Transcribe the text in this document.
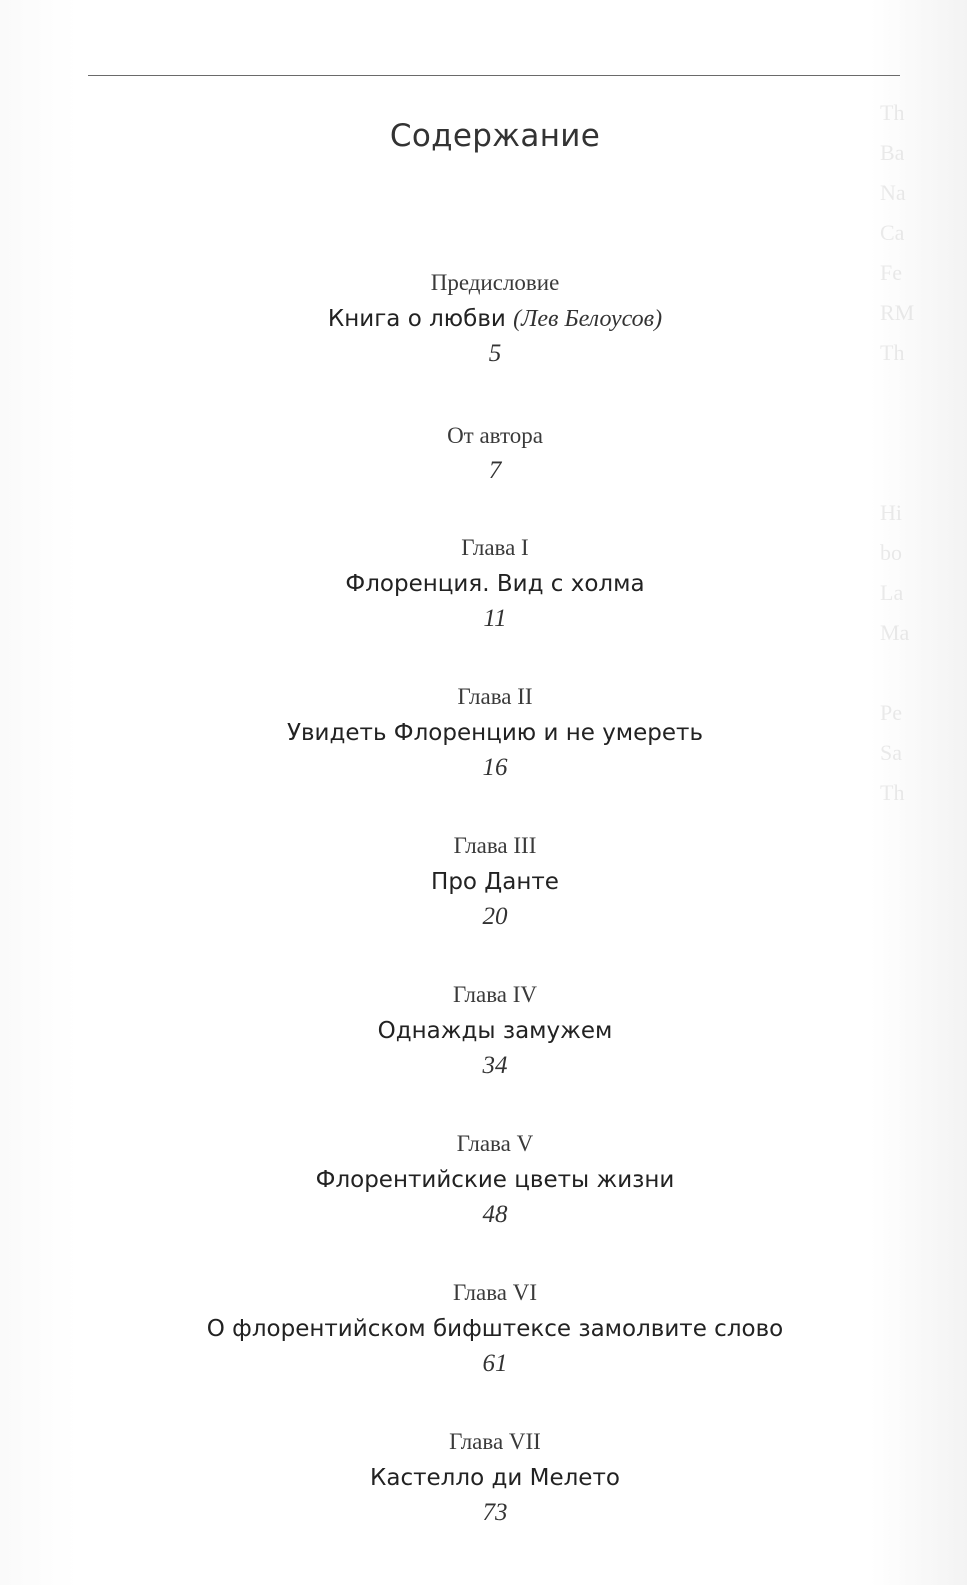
Th
Ba
Na
Ca
Fe
RM
Th
Hi
bo
La
Ma
Pe
Sa
Th
Содержание
Предисловие
Книга о любви (Лев Белоусов)
5
От автора
7
Глава I
Флоренция. Вид с холма
11
Глава II
Увидеть Флоренцию и не умереть
16
Глава III
Про Данте
20
Глава IV
Однажды замужем
34
Глава V
Флорентийские цветы жизни
48
Глава VI
О флорентийском бифштексе замолвите слово
61
Глава VII
Кастелло ди Мелето
73
